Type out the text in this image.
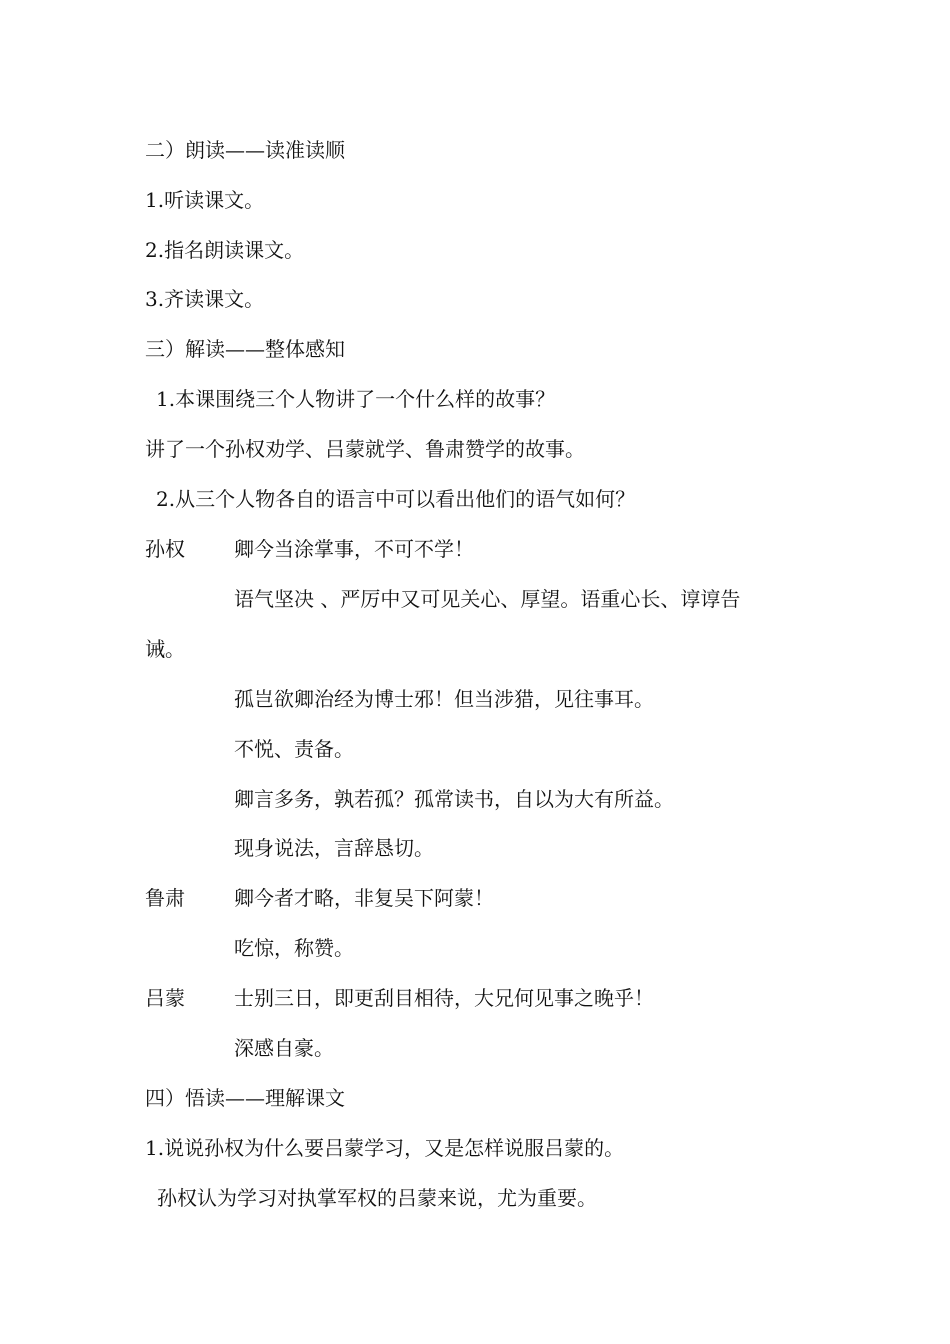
二）朗读——读准读顺
1.听读课文。
2.指名朗读课文。
3.齐读课文。
三）解读——整体感知
1.本课围绕三个人物讲了一个什么样的故事？
讲了一个孙权劝学、吕蒙就学、鲁肃赞学的故事。
2.从三个人物各自的语言中可以看出他们的语气如何？
孙权 卿今当涂掌事，不可不学！
语气坚决 、严厉中又可见关心、厚望。语重心长、谆谆告
诫。
孤岂欲卿治经为博士邪！但当涉猎，见往事耳。
不悦、责备。
卿言多务，孰若孤？孤常读书，自以为大有所益。
现身说法，言辞恳切。
鲁肃 卿今者才略，非复吴下阿蒙！
吃惊，称赞。
吕蒙 士别三日，即更刮目相待，大兄何见事之晚乎！
深感自豪。
四）悟读——理解课文
1.说说孙权为什么要吕蒙学习，又是怎样说服吕蒙的。
孙权认为学习对执掌军权的吕蒙来说，尤为重要。
